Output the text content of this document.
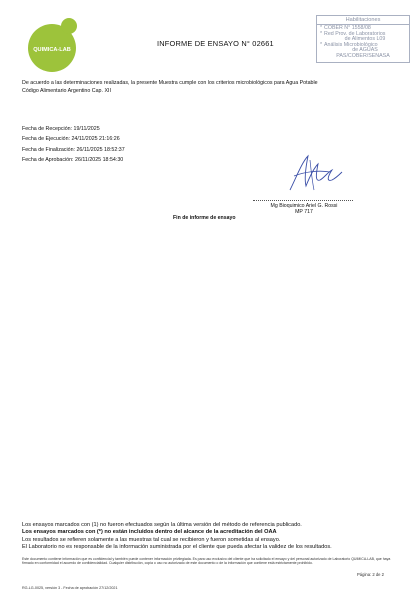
LAB TORIO
QUIMICA-LAB
INFORME DE ENSAYO N° 02661
Habilitaciones
* COBER N° 1558/08
* Red Prov. de Laboratorios
de Alimentos L09
* Análisis Microbiológico
de AGUAS
PAS/COBER/SENASA
De acuerdo a las determinaciones realizadas, la presente Muestra cumple con los criterios microbiológicos para Agua Potable
Código Alimentario Argentino Cap. XII
Fecha de Recepción: 19/11/2025
Fecha de Ejecución: 24/11/2025 21:16:26
Fecha de Finalización: 26/11/2025 18:52:37
Fecha de Aprobación: 26/11/2025 18:54:30
Mg Bioquimico Ariel G. Rossi
MP 717
Fin de informe de ensayo
Los ensayos marcados con (1) no fueron efectuados según la última versión del método de referencia publicado.
Los ensayos marcados con (*) no están incluidos dentro del alcance de la acreditación del OAA
Los resultados se refieren solamente a las muestras tal cual se recibieron y fueron sometidas al ensayo.
El Laboratorio no es responsable de la información suministrada por el cliente que pueda afectar la validez de los resultados.
Este documento contiene información que es confidencial y también puede contener información privilegiada. Es para uso exclusivo del cliente que ha solicitado el ensayo y del personal autorizado de Laboratorio QUIMICA-LAB, que haya firmado en conformidad el acuerdo de confidencialidad. Cualquier distribución, copia o uso no autorizado de este documento o de la información que contiene está estrictamente prohibido.
Página: 2 de 2
RG-LG-0025, versión 3 - Fecha de aprobación 27/12/2021
